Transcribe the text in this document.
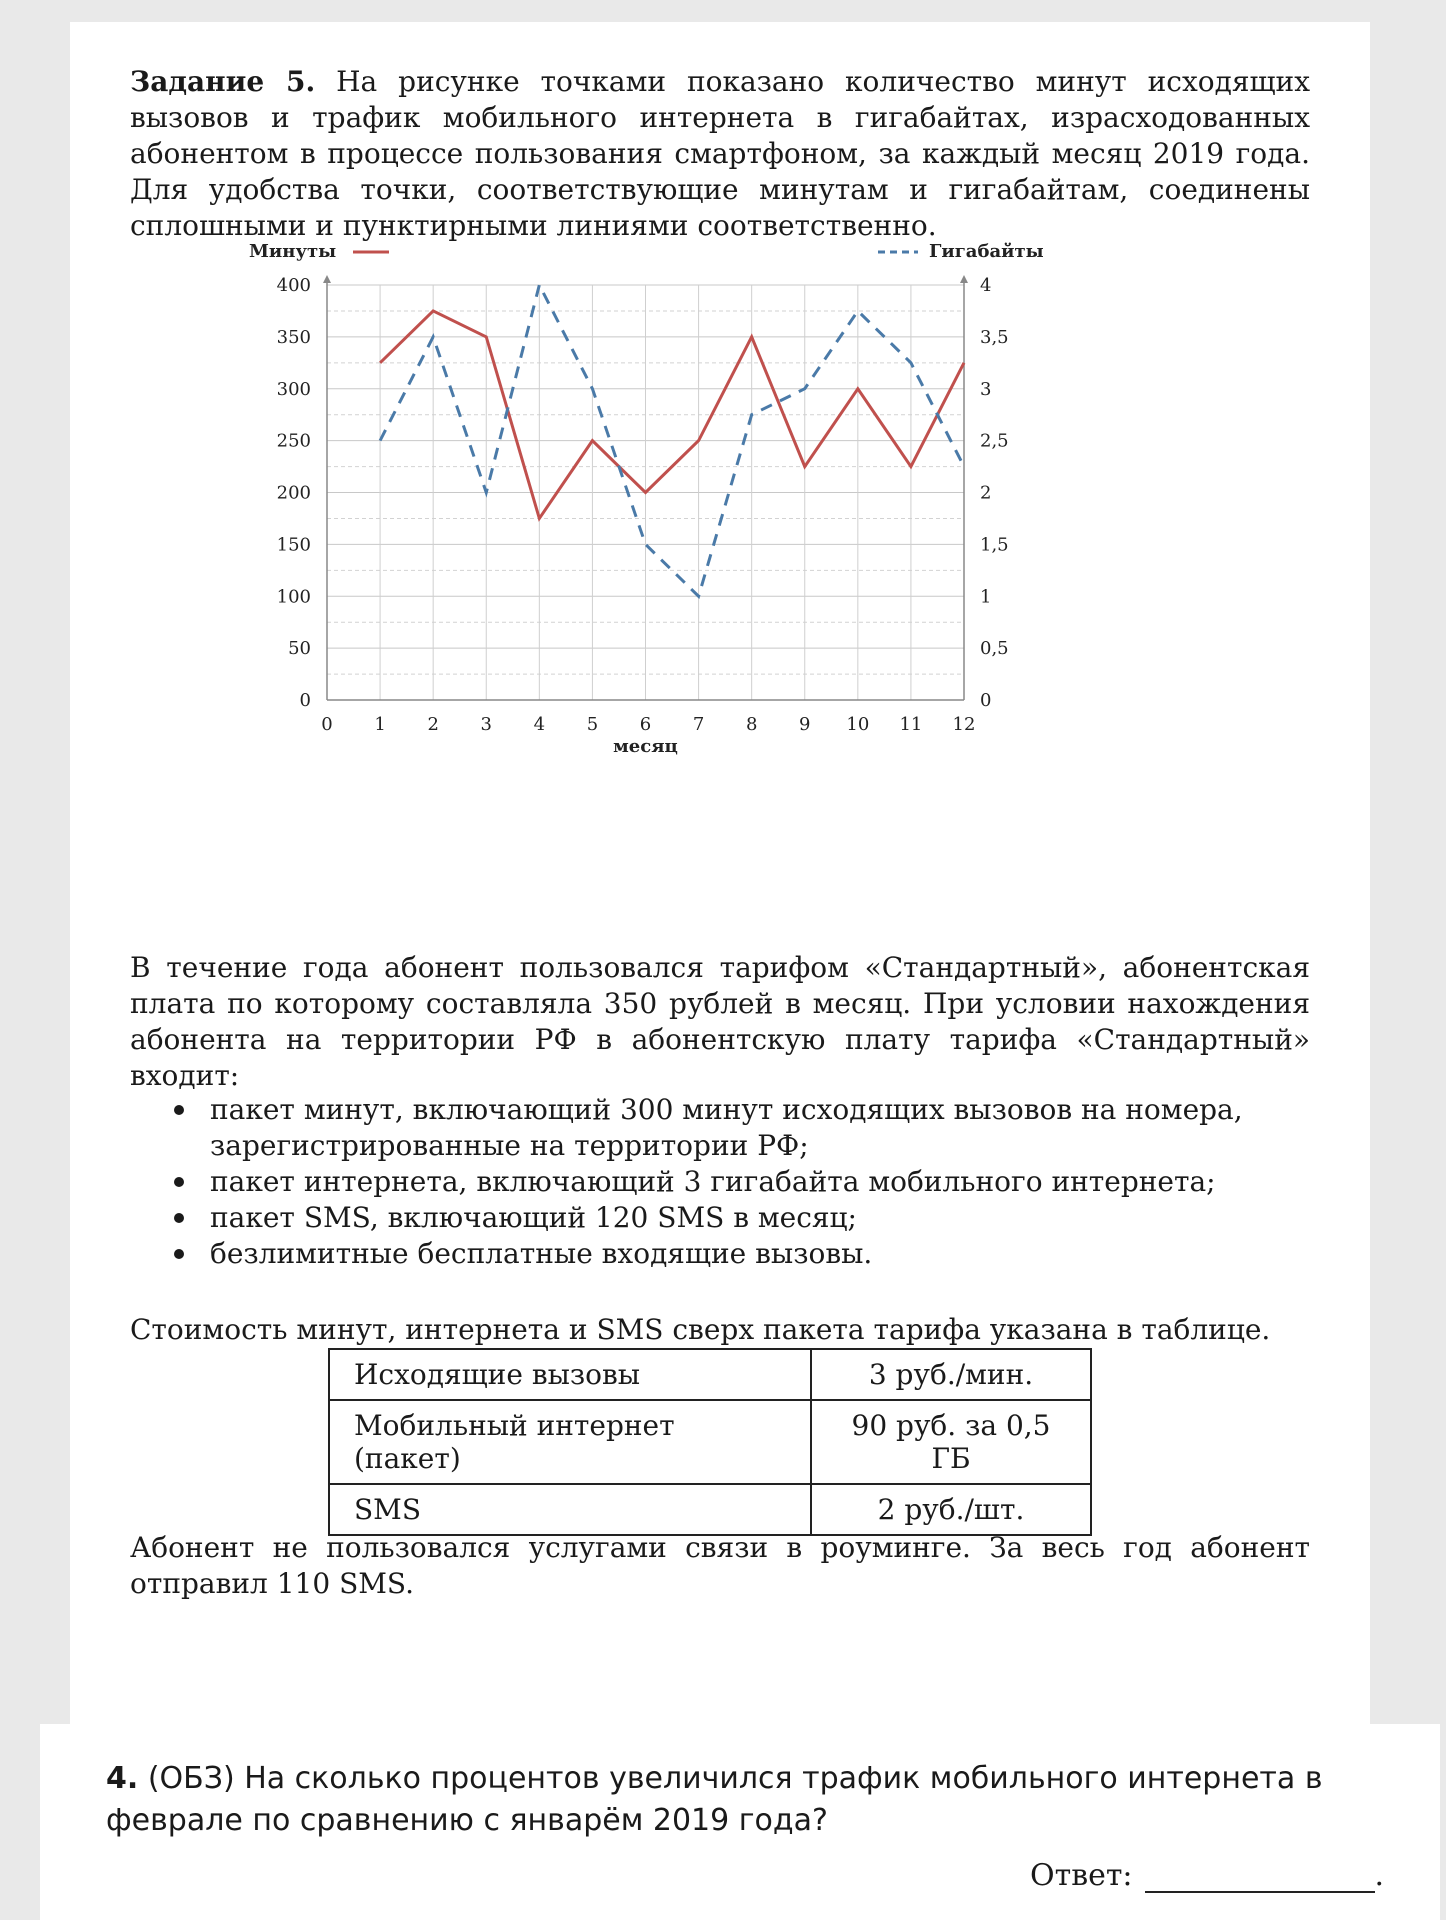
Задание 5. На рисунке точками показано количество минут исходящих вызовов и трафик мобильного интернета в гигабайтах, израсходованных абонентом в процессе пользования смартфоном, за каждый месяц 2019 года. Для удобства точки, соответствующие минутам и гигабайтам, соединены сплошными и пунктирными линиями соответственно.
0
50
100
150
200
250
300
350
400
0
0,5
1
1,5
2
2,5
3
3,5
4
0 1 2 3 4 5 6 7 8 9 10 11 12
месяц
Минуты	Гигабайты
В течение года абонент пользовался тарифом «Стандартный», абонентская плата по которому составляла 350 рублей в месяц. При условии нахождения абонента на территории РФ в абонентскую плату тарифа «Стандартный» входит:
пакет минут, включающий 300 минут исходящих вызовов на номера, зарегистрированные на территории РФ;
пакет интернета, включающий 3 гигабайта мобильного интернета;
пакет SMS, включающий 120 SMS в месяц;
безлимитные бесплатные входящие вызовы.
Стоимость минут, интернета и SMS сверх пакета тарифа указана в таблице.
Исходящие вызовы	3 руб./мин.
Мобильный интернет (пакет)	90 руб. за 0,5 ГБ
SMS	2 руб./шт.
Абонент не пользовался услугами связи в роуминге. За весь год абонент отправил 110 SMS.
4. (ОБЗ) На сколько процентов увеличился трафик мобильного интернета в феврале по сравнению с январём 2019 года?
Ответ:	.
